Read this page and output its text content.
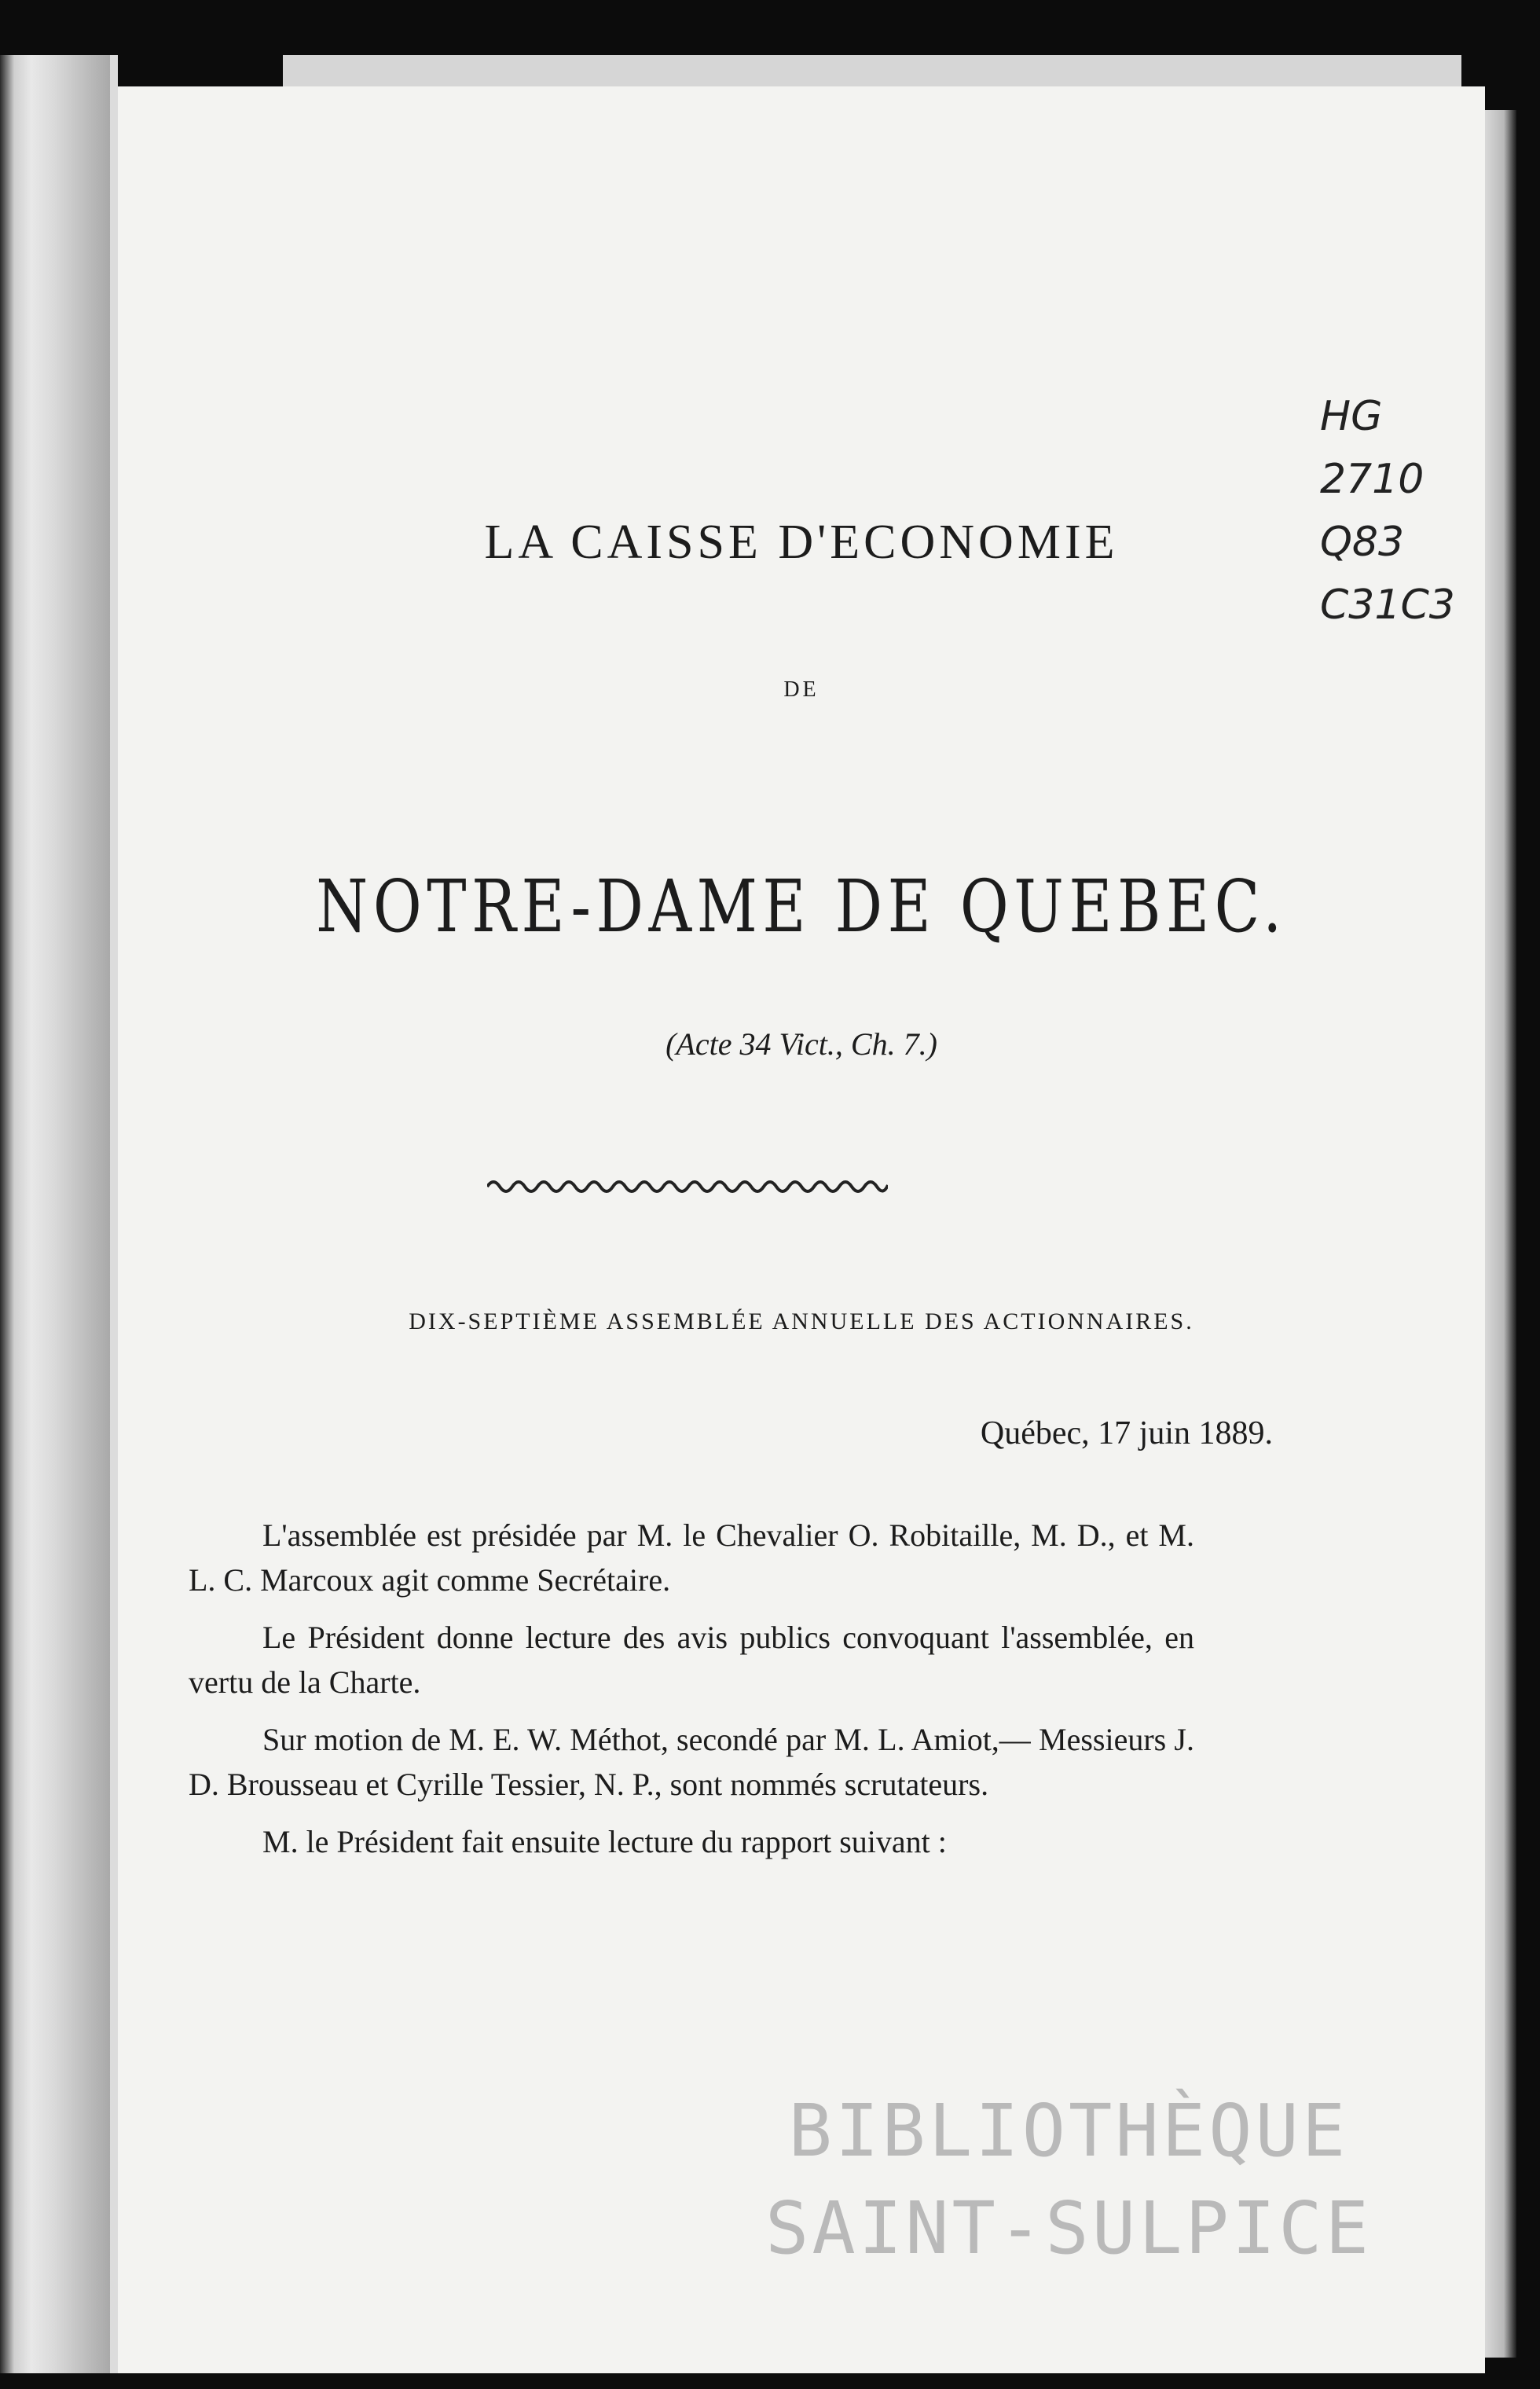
LA CAISSE D'ECONOMIE
DE
NOTRE-DAME DE QUEBEC.
(Acte 34 Vict., Ch. 7.)
DIX-SEPTIÈME ASSEMBLÉE ANNUELLE DES ACTIONNAIRES.
Québec, 17 juin 1889.

L'assemblée est présidée par M. le Chevalier O. Robitaille, M. D., et M. L. C. Marcoux agit comme Secrétaire.

Le Président donne lecture des avis publics convoquant l'assemblée, en vertu de la Charte.

Sur motion de M. E. W. Méthot, secondé par M. L. Amiot,— Messieurs J. D. Brousseau et Cyrille Tessier, N. P., sont nommés scrutateurs.

M. le Président fait ensuite lecture du rapport suivant :

HG
2710
Q83
C31C3
BIBLIOTHÈQUE
SAINT-SULPICE
